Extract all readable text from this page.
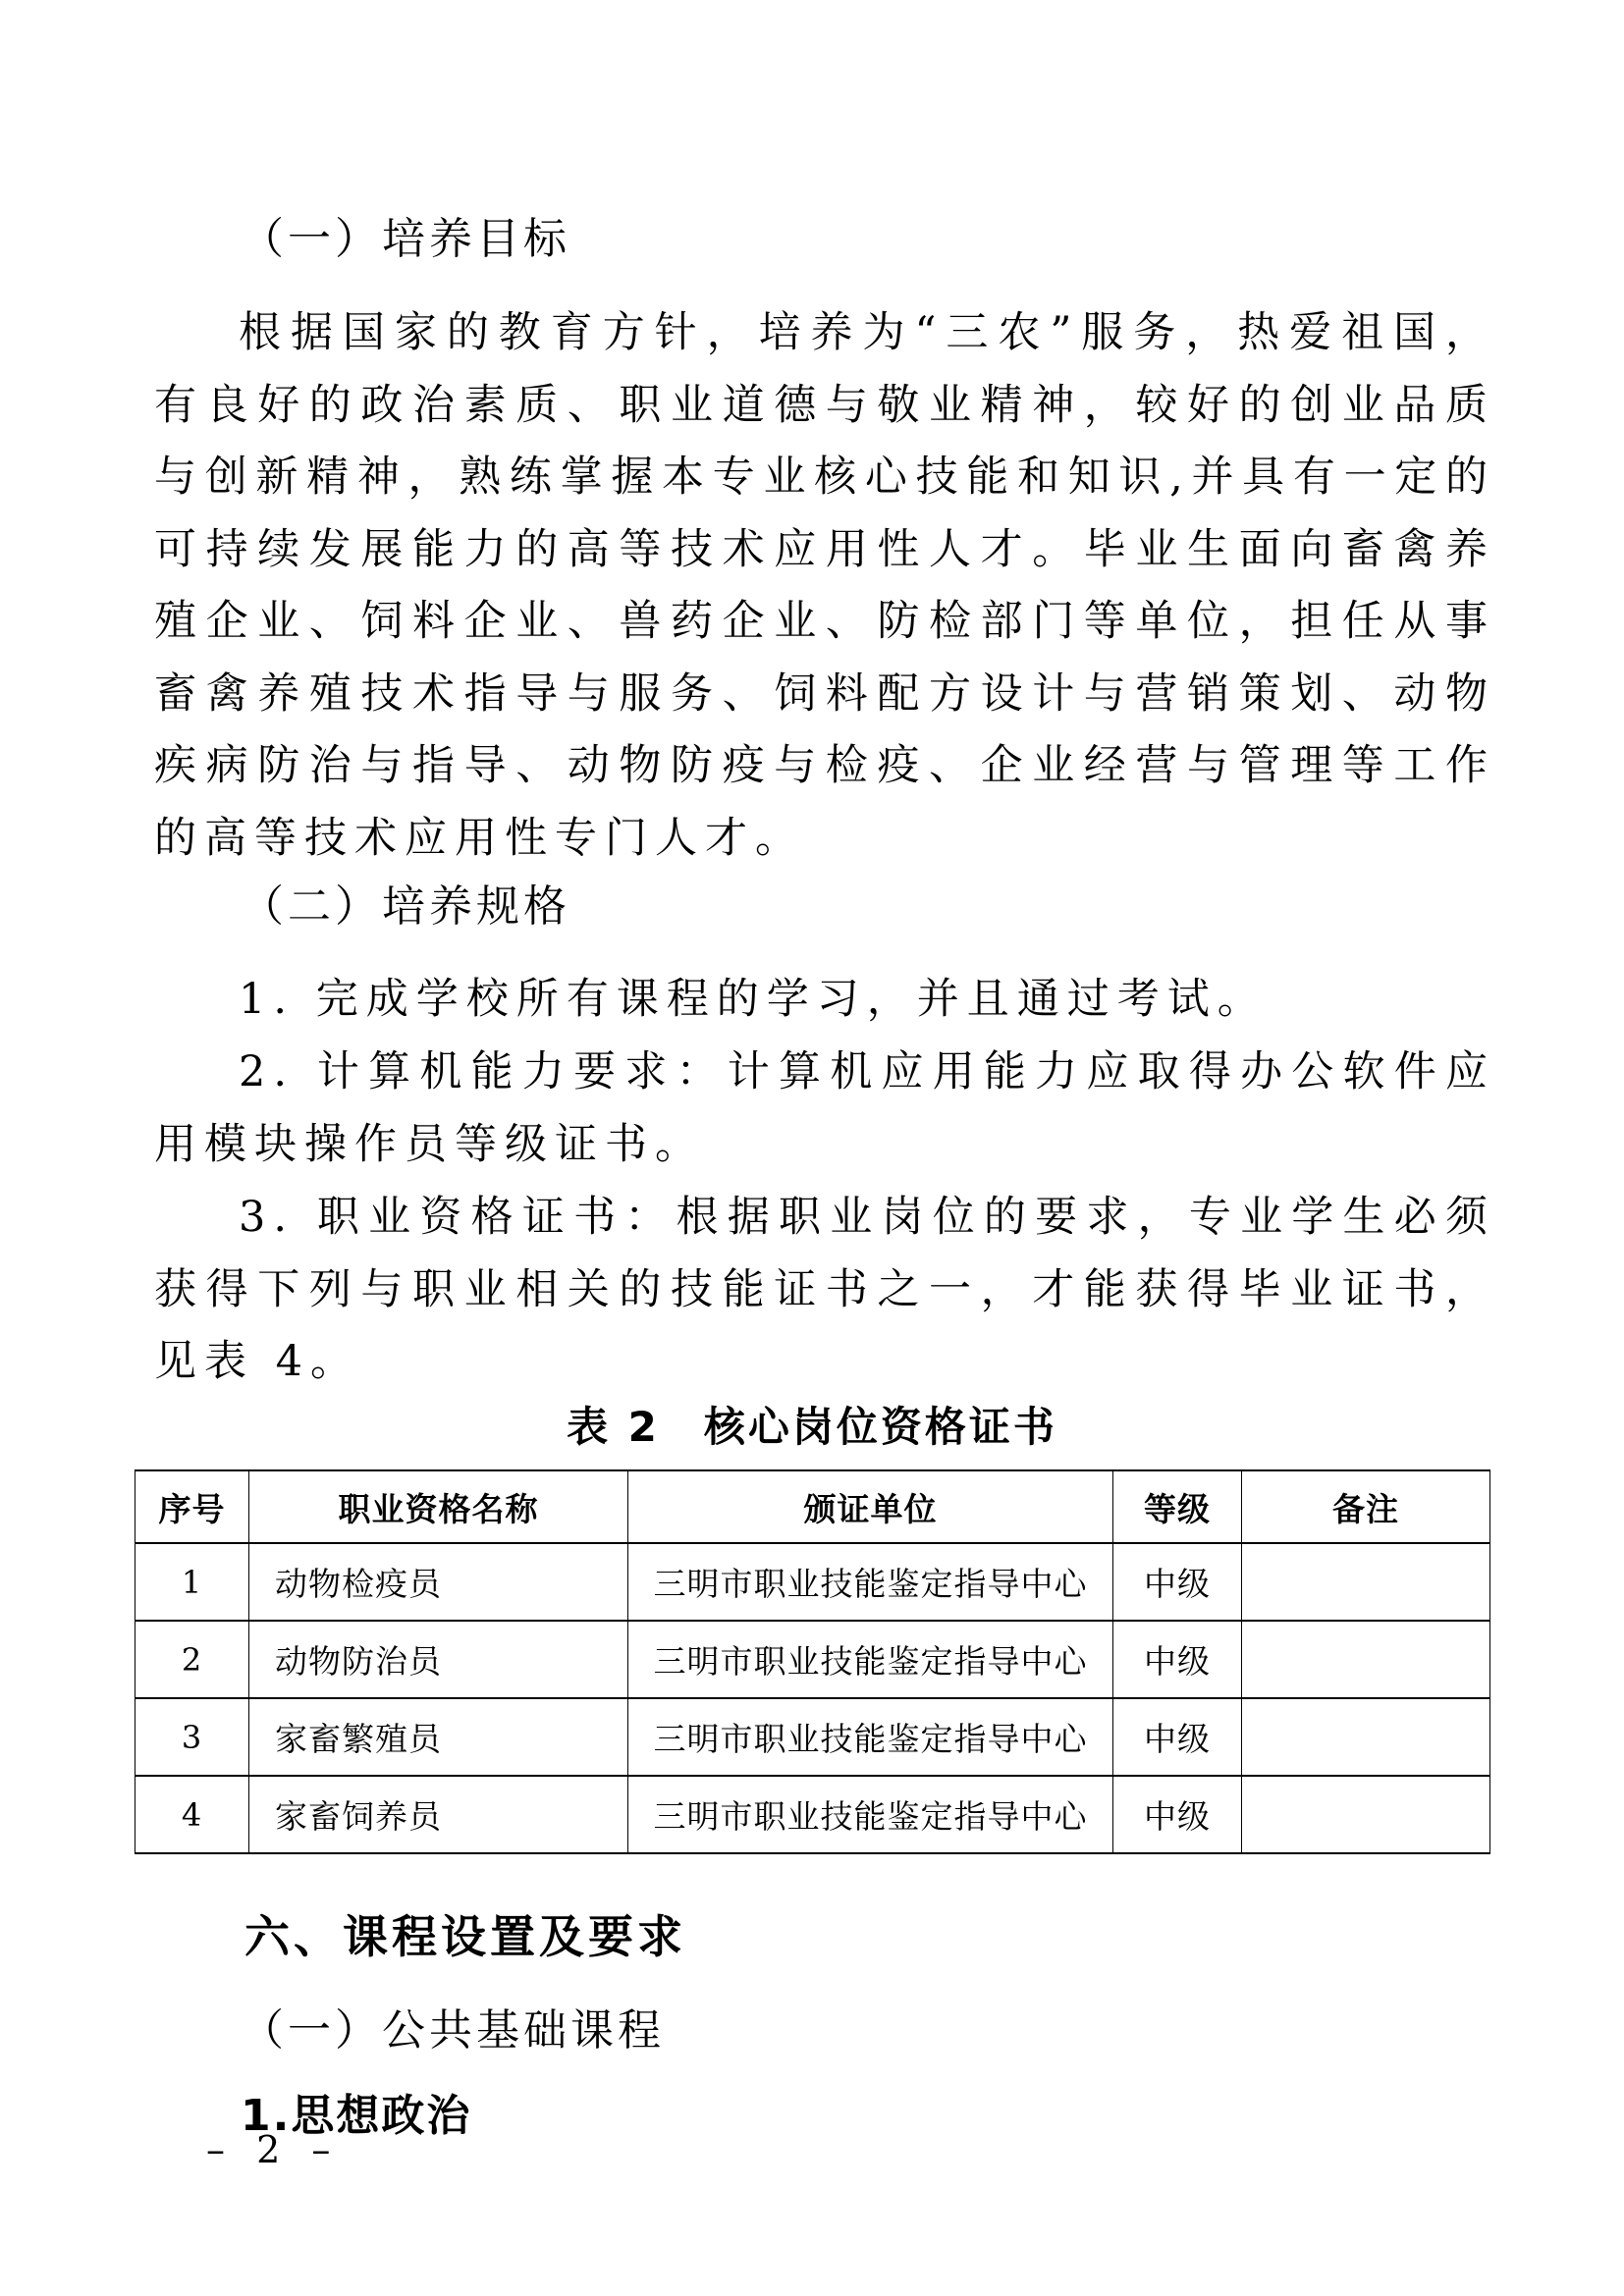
（一）培养目标
根据国家的教育方针，培养为“三农”服务，热爱祖国，有良好的政治素质、职业道德与敬业精神，较好的创业品质与创新精神，熟练掌握本专业核心技能和知识,并具有一定的可持续发展能力的高等技术应用性人才。毕业生面向畜禽养殖企业、饲料企业、兽药企业、防检部门等单位，担任从事畜禽养殖技术指导与服务、饲料配方设计与营销策划、动物疾病防治与指导、动物防疫与检疫、企业经营与管理等工作的高等技术应用性专门人才。
（二）培养规格
1. 完成学校所有课程的学习，并且通过考试。
2. 计算机能力要求：计算机应用能力应取得办公软件应用模块操作员等级证书。
3. 职业资格证书：根据职业岗位的要求，专业学生必须获得下列与职业相关的技能证书之一，才能获得毕业证书，见表 4。
表 2　核心岗位资格证书
序号	职业资格名称	颁证单位	等级	备注
1	动物检疫员	三明市职业技能鉴定指导中心	中级	
2	动物防治员	三明市职业技能鉴定指导中心	中级	
3	家畜繁殖员	三明市职业技能鉴定指导中心	中级	
4	家畜饲养员	三明市职业技能鉴定指导中心	中级	
六、课程设置及要求
（一）公共基础课程
1.思想政治
– 2 –
